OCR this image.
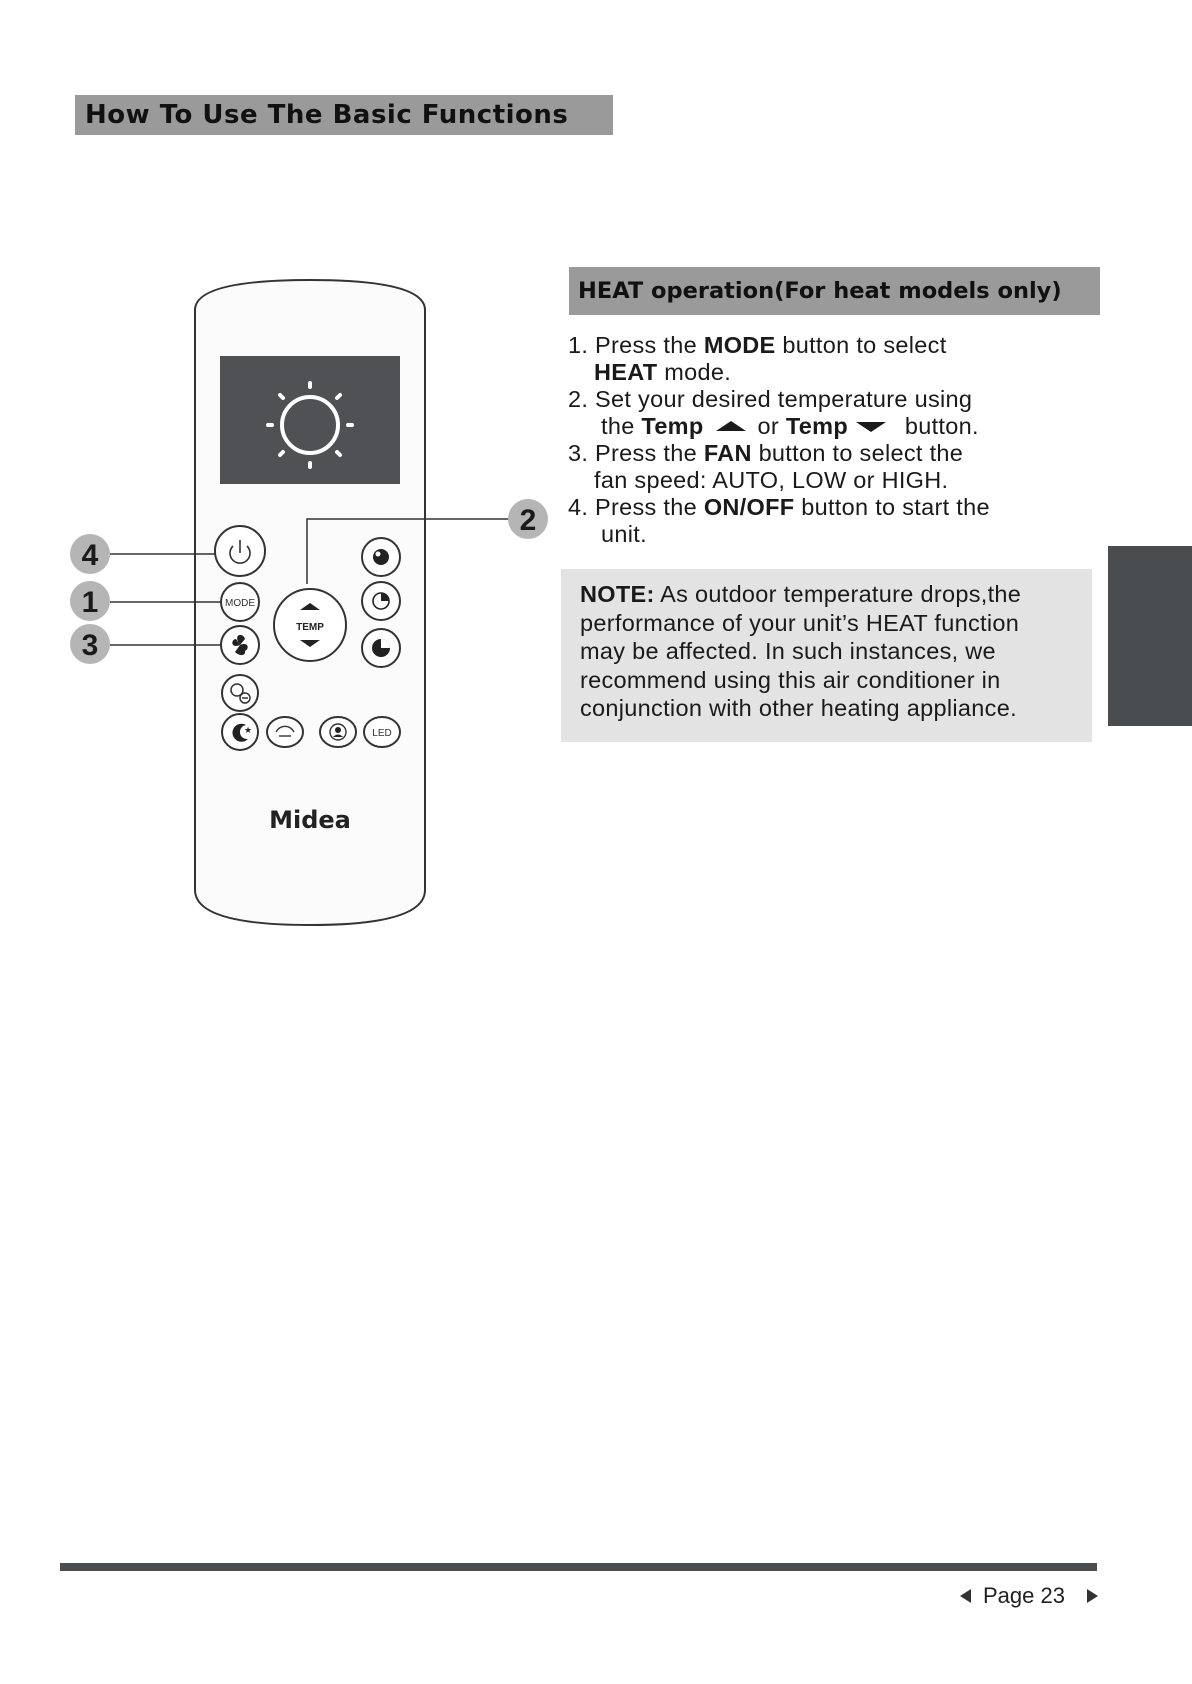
How To Use The Basic Functions
4
1
3
2
MODE
★	LED
TEMP
Midea
HEAT operation(For heat models only)
1. Press the MODE button to select
HEAT mode.
2. Set your desired temperature using
the Temp or Temp button.
3. Press the FAN button to select the
fan speed: AUTO, LOW or HIGH.
4. Press the ON/OFF button to start the
unit.
NOTE: As outdoor temperature drops,the
performance of your unit’s HEAT function
may be affected. In such instances, we
recommend using this air conditioner in
conjunction with other heating appliance.
Page 23
